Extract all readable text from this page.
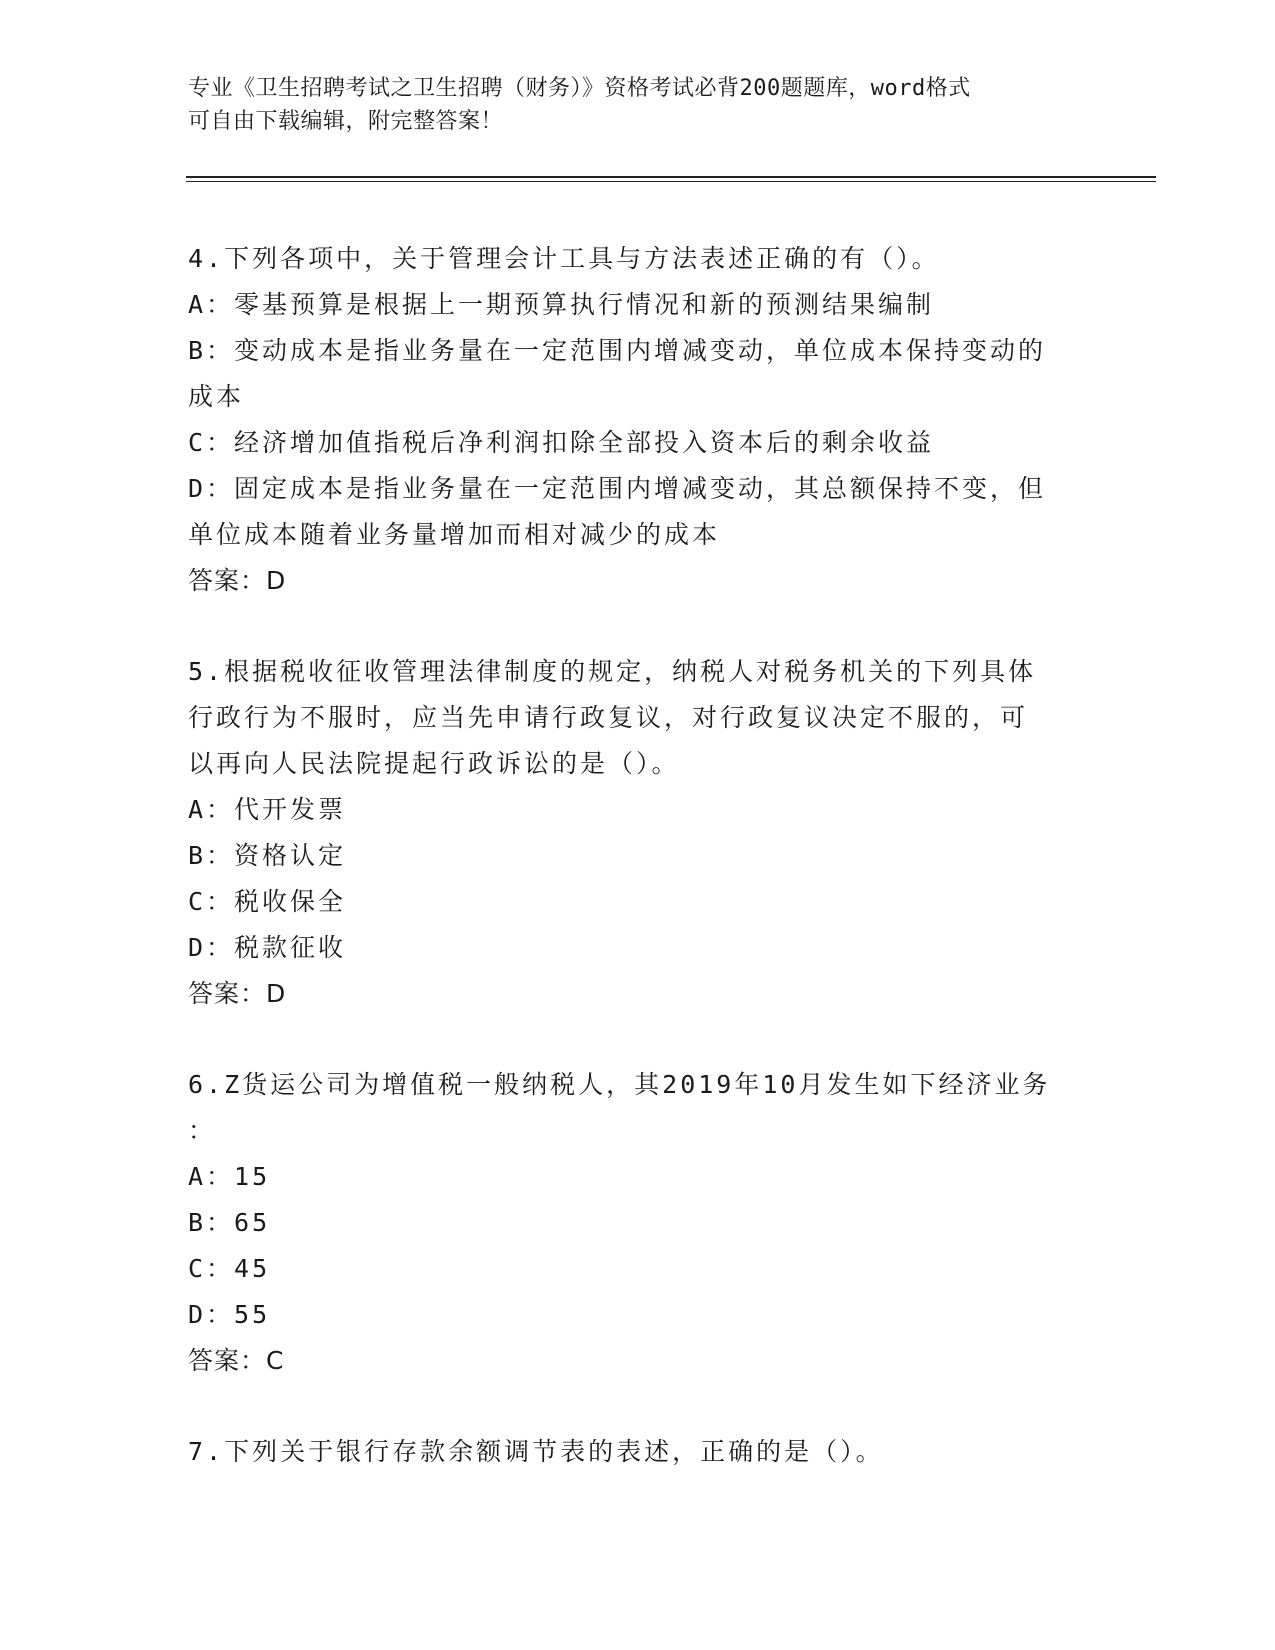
专业《卫生招聘考试之卫生招聘（财务）》资格考试必背200题题库，word格式
可自由下载编辑，附完整答案！

4.下列各项中，关于管理会计工具与方法表述正确的有（）。

A：零基预算是根据上一期预算执行情况和新的预测结果编制

B：变动成本是指业务量在一定范围内增减变动，单位成本保持变动的

成本

C：经济增加值指税后净利润扣除全部投入资本后的剩余收益

D：固定成本是指业务量在一定范围内增减变动，其总额保持不变，但

单位成本随着业务量增加而相对减少的成本

答案：D

5.根据税收征收管理法律制度的规定，纳税人对税务机关的下列具体

行政行为不服时，应当先申请行政复议，对行政复议决定不服的，可

以再向人民法院提起行政诉讼的是（）。

A：代开发票

B：资格认定

C：税收保全

D：税款征收

答案：D

6.Z货运公司为增值税一般纳税人，其2019年10月发生如下经济业务

：

A：15

B：65

C：45

D：55

答案：C

7.下列关于银行存款余额调节表的表述，正确的是（）。
